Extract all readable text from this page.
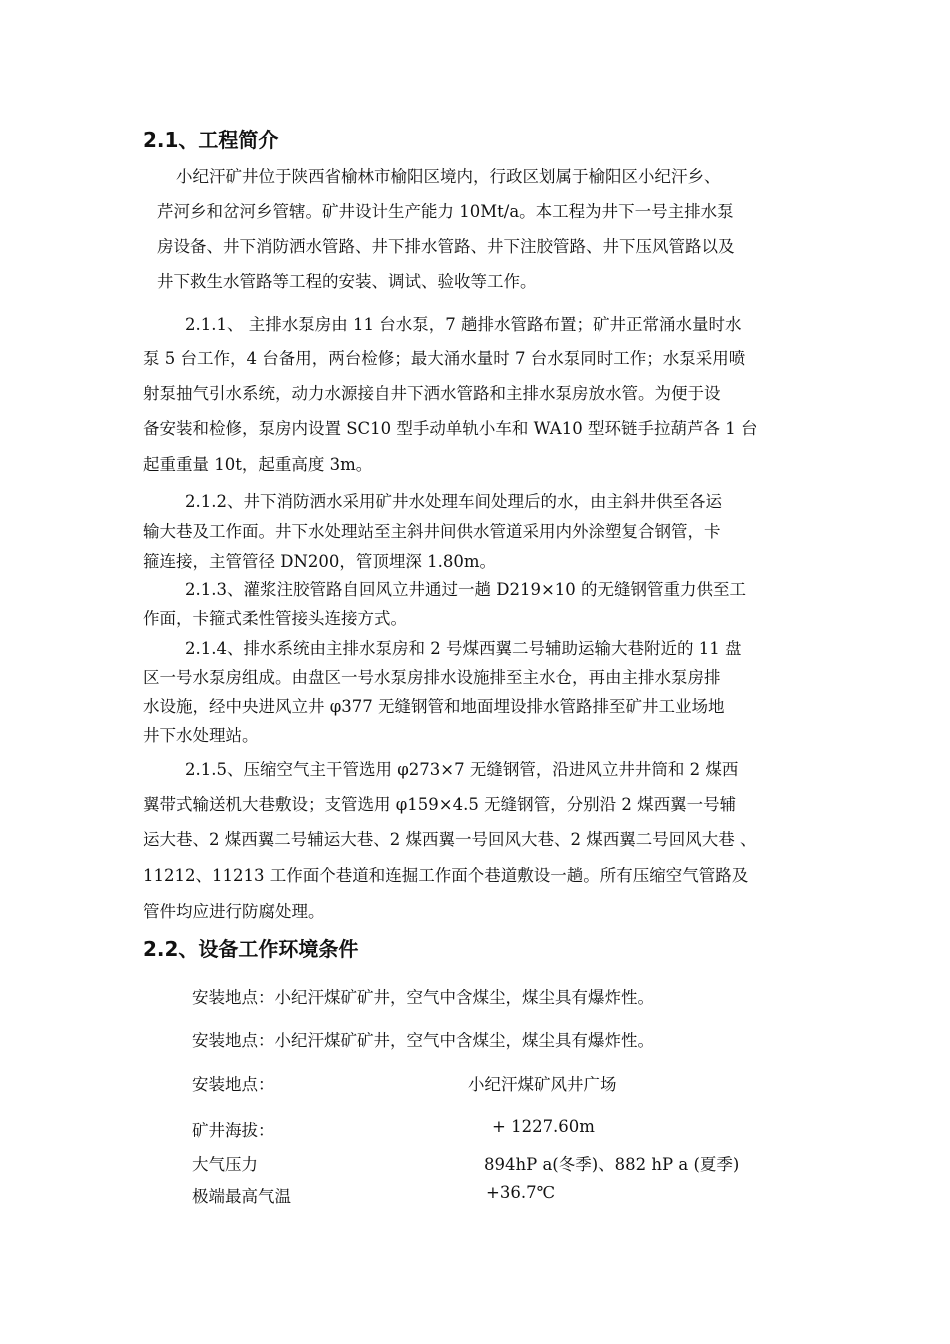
2.1、工程简介
小纪汗矿井位于陕西省榆林市榆阳区境内，行政区划属于榆阳区小纪汗乡、
芹河乡和岔河乡管辖。矿井设计生产能力 10Mt/a。本工程为井下一号主排水泵
房设备、井下消防洒水管路、井下排水管路、井下注胶管路、井下压风管路以及
井下救生水管路等工程的安装、调试、验收等工作。
2.1.1、 主排水泵房由 11 台水泵，7 趟排水管路布置；矿井正常涌水量时水
泵 5 台工作，4 台备用，两台检修；最大涌水量时 7 台水泵同时工作；水泵采用喷
射泵抽气引水系统，动力水源接自井下洒水管路和主排水泵房放水管。为便于设
备安装和检修，泵房内设置 SC10 型手动单轨小车和 WA10 型环链手拉葫芦各 1 台
起重重量 10t，起重高度 3m。
2.1.2、井下消防洒水采用矿井水处理车间处理后的水，由主斜井供至各运
输大巷及工作面。井下水处理站至主斜井间供水管道采用内外涂塑复合钢管，卡
箍连接，主管管径 DN200，管顶埋深 1.80m。
2.1.3、灌浆注胶管路自回风立井通过一趟 D219×10 的无缝钢管重力供至工
作面，卡箍式柔性管接头连接方式。
2.1.4、排水系统由主排水泵房和 2 号煤西翼二号辅助运输大巷附近的 11 盘
区一号水泵房组成。由盘区一号水泵房排水设施排至主水仓，再由主排水泵房排
水设施，经中央进风立井 φ377 无缝钢管和地面埋设排水管路排至矿井工业场地
井下水处理站。
2.1.5、压缩空气主干管选用 φ273×7 无缝钢管，沿进风立井井筒和 2 煤西
翼带式输送机大巷敷设；支管选用 φ159×4.5 无缝钢管，分别沿 2 煤西翼一号辅
运大巷、2 煤西翼二号辅运大巷、2 煤西翼一号回风大巷、2 煤西翼二号回风大巷 、
11212、11213 工作面个巷道和连掘工作面个巷道敷设一趟。所有压缩空气管路及
管件均应进行防腐处理。
2.2、设备工作环境条件
安装地点：小纪汗煤矿矿井，空气中含煤尘，煤尘具有爆炸性。
安装地点：小纪汗煤矿矿井，空气中含煤尘，煤尘具有爆炸性。
安装地点：	小纪汗煤矿风井广场
矿井海拔：	+ 1227.60m
大气压力	894hP a(冬季)、882 hP a (夏季)
极端最高气温	+36.7℃
